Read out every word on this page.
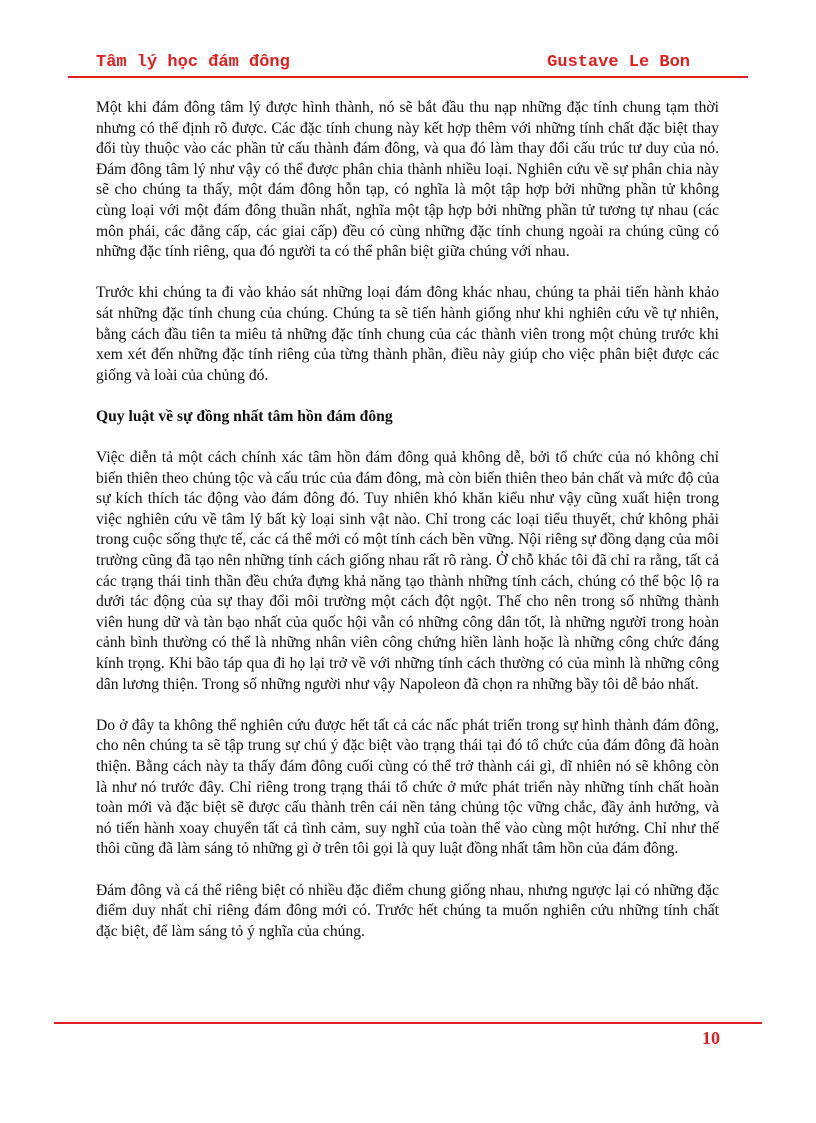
Tâm lý học đám đông	Gustave Le Bon

Một khi đám đông tâm lý được hình thành, nó sẽ bắt đầu thu nạp những đặc tính chung tạm thời nhưng có thể định rõ được. Các đặc tính chung này kết hợp thêm với những tính chất đặc biệt thay đổi tùy thuộc vào các phần tử cấu thành đám đông, và qua đó làm thay đổi cấu trúc tư duy của nó. Đám đông tâm lý như vậy có thể được phân chia thành nhiều loại. Nghiên cứu về sự phân chia này sẽ cho chúng ta thấy, một đám đông hỗn tạp, có nghĩa là một tập hợp bởi những phần tử không cùng loại với một đám đông thuần nhất, nghĩa một tập hợp bởi những phần tử tương tự nhau (các môn phái, các đẳng cấp, các giai cấp) đều có cùng những đặc tính chung ngoài ra chúng cũng có những đặc tính riêng, qua đó người ta có thể phân biệt giữa chúng với nhau.

Trước khi chúng ta đi vào khảo sát những loại đám đông khác nhau, chúng ta phải tiến hành khảo sát những đặc tính chung của chúng. Chúng ta sẽ tiến hành giống như khi nghiên cứu về tự nhiên, bằng cách đầu tiên ta miêu tả những đặc tính chung của các thành viên trong một chủng trước khi xem xét đến những đặc tính riêng của từng thành phần, điều này giúp cho việc phân biệt được các giống và loài của chủng đó.

Quy luật về sự đồng nhất tâm hồn đám đông

Việc diễn tả một cách chính xác tâm hồn đám đông quả không dễ, bởi tổ chức của nó không chỉ biến thiên theo chủng tộc và cấu trúc của đám đông, mà còn biến thiên theo bản chất và mức độ của sự kích thích tác động vào đám đông đó. Tuy nhiên khó khăn kiểu như vậy cũng xuất hiện trong việc nghiên cứu về tâm lý bất kỳ loại sinh vật nào. Chỉ trong các loại tiểu thuyết, chứ không phải trong cuộc sống thực tế, các cá thể mới có một tính cách bền vững. Nội riêng sự đồng dạng của môi trường cũng đã tạo nên những tính cách giống nhau rất rõ ràng. Ở chỗ khác tôi đã chỉ ra rằng, tất cả các trạng thái tinh thần đều chứa đựng khả năng tạo thành những tính cách, chúng có thể bộc lộ ra dưới tác động của sự thay đổi môi trường một cách đột ngột. Thế cho nên trong số những thành viên hung dữ và tàn bạo nhất của quốc hội vẫn có những công dân tốt, là những người trong hoàn cảnh bình thường có thể là những nhân viên công chứng hiền lành hoặc là những công chức đáng kính trọng. Khi bão táp qua đi họ lại trở về với những tính cách thường có của mình là những công dân lương thiện. Trong số những người như vậy Napoleon đã chọn ra những bầy tôi dễ bảo nhất.

Do ở đây ta không thể nghiên cứu được hết tất cả các nấc phát triển trong sự hình thành đám đông, cho nên chúng ta sẽ tập trung sự chú ý đặc biệt vào trạng thái tại đó tổ chức của đám đông đã hoàn thiện. Bằng cách này ta thấy đám đông cuối cùng có thể trở thành cái gì, dĩ nhiên nó sẽ không còn là như nó trước đây. Chỉ riêng trong trạng thái tổ chức ở mức phát triển này những tính chất hoàn toàn mới và đặc biệt sẽ được cấu thành trên cái nền tảng chủng tộc vững chắc, đầy ảnh hưởng, và nó tiến hành xoay chuyển tất cả tình cảm, suy nghĩ của toàn thể vào cùng một hướng. Chỉ như thế thôi cũng đã làm sáng tỏ những gì ở trên tôi gọi là quy luật đồng nhất tâm hồn của đám đông.

Đám đông và cá thể riêng biệt có nhiều đặc điểm chung giống nhau, nhưng ngược lại có những đặc điểm duy nhất chỉ riêng đám đông mới có. Trước hết chúng ta muốn nghiên cứu những tính chất đặc biệt, để làm sáng tỏ ý nghĩa của chúng.

10
